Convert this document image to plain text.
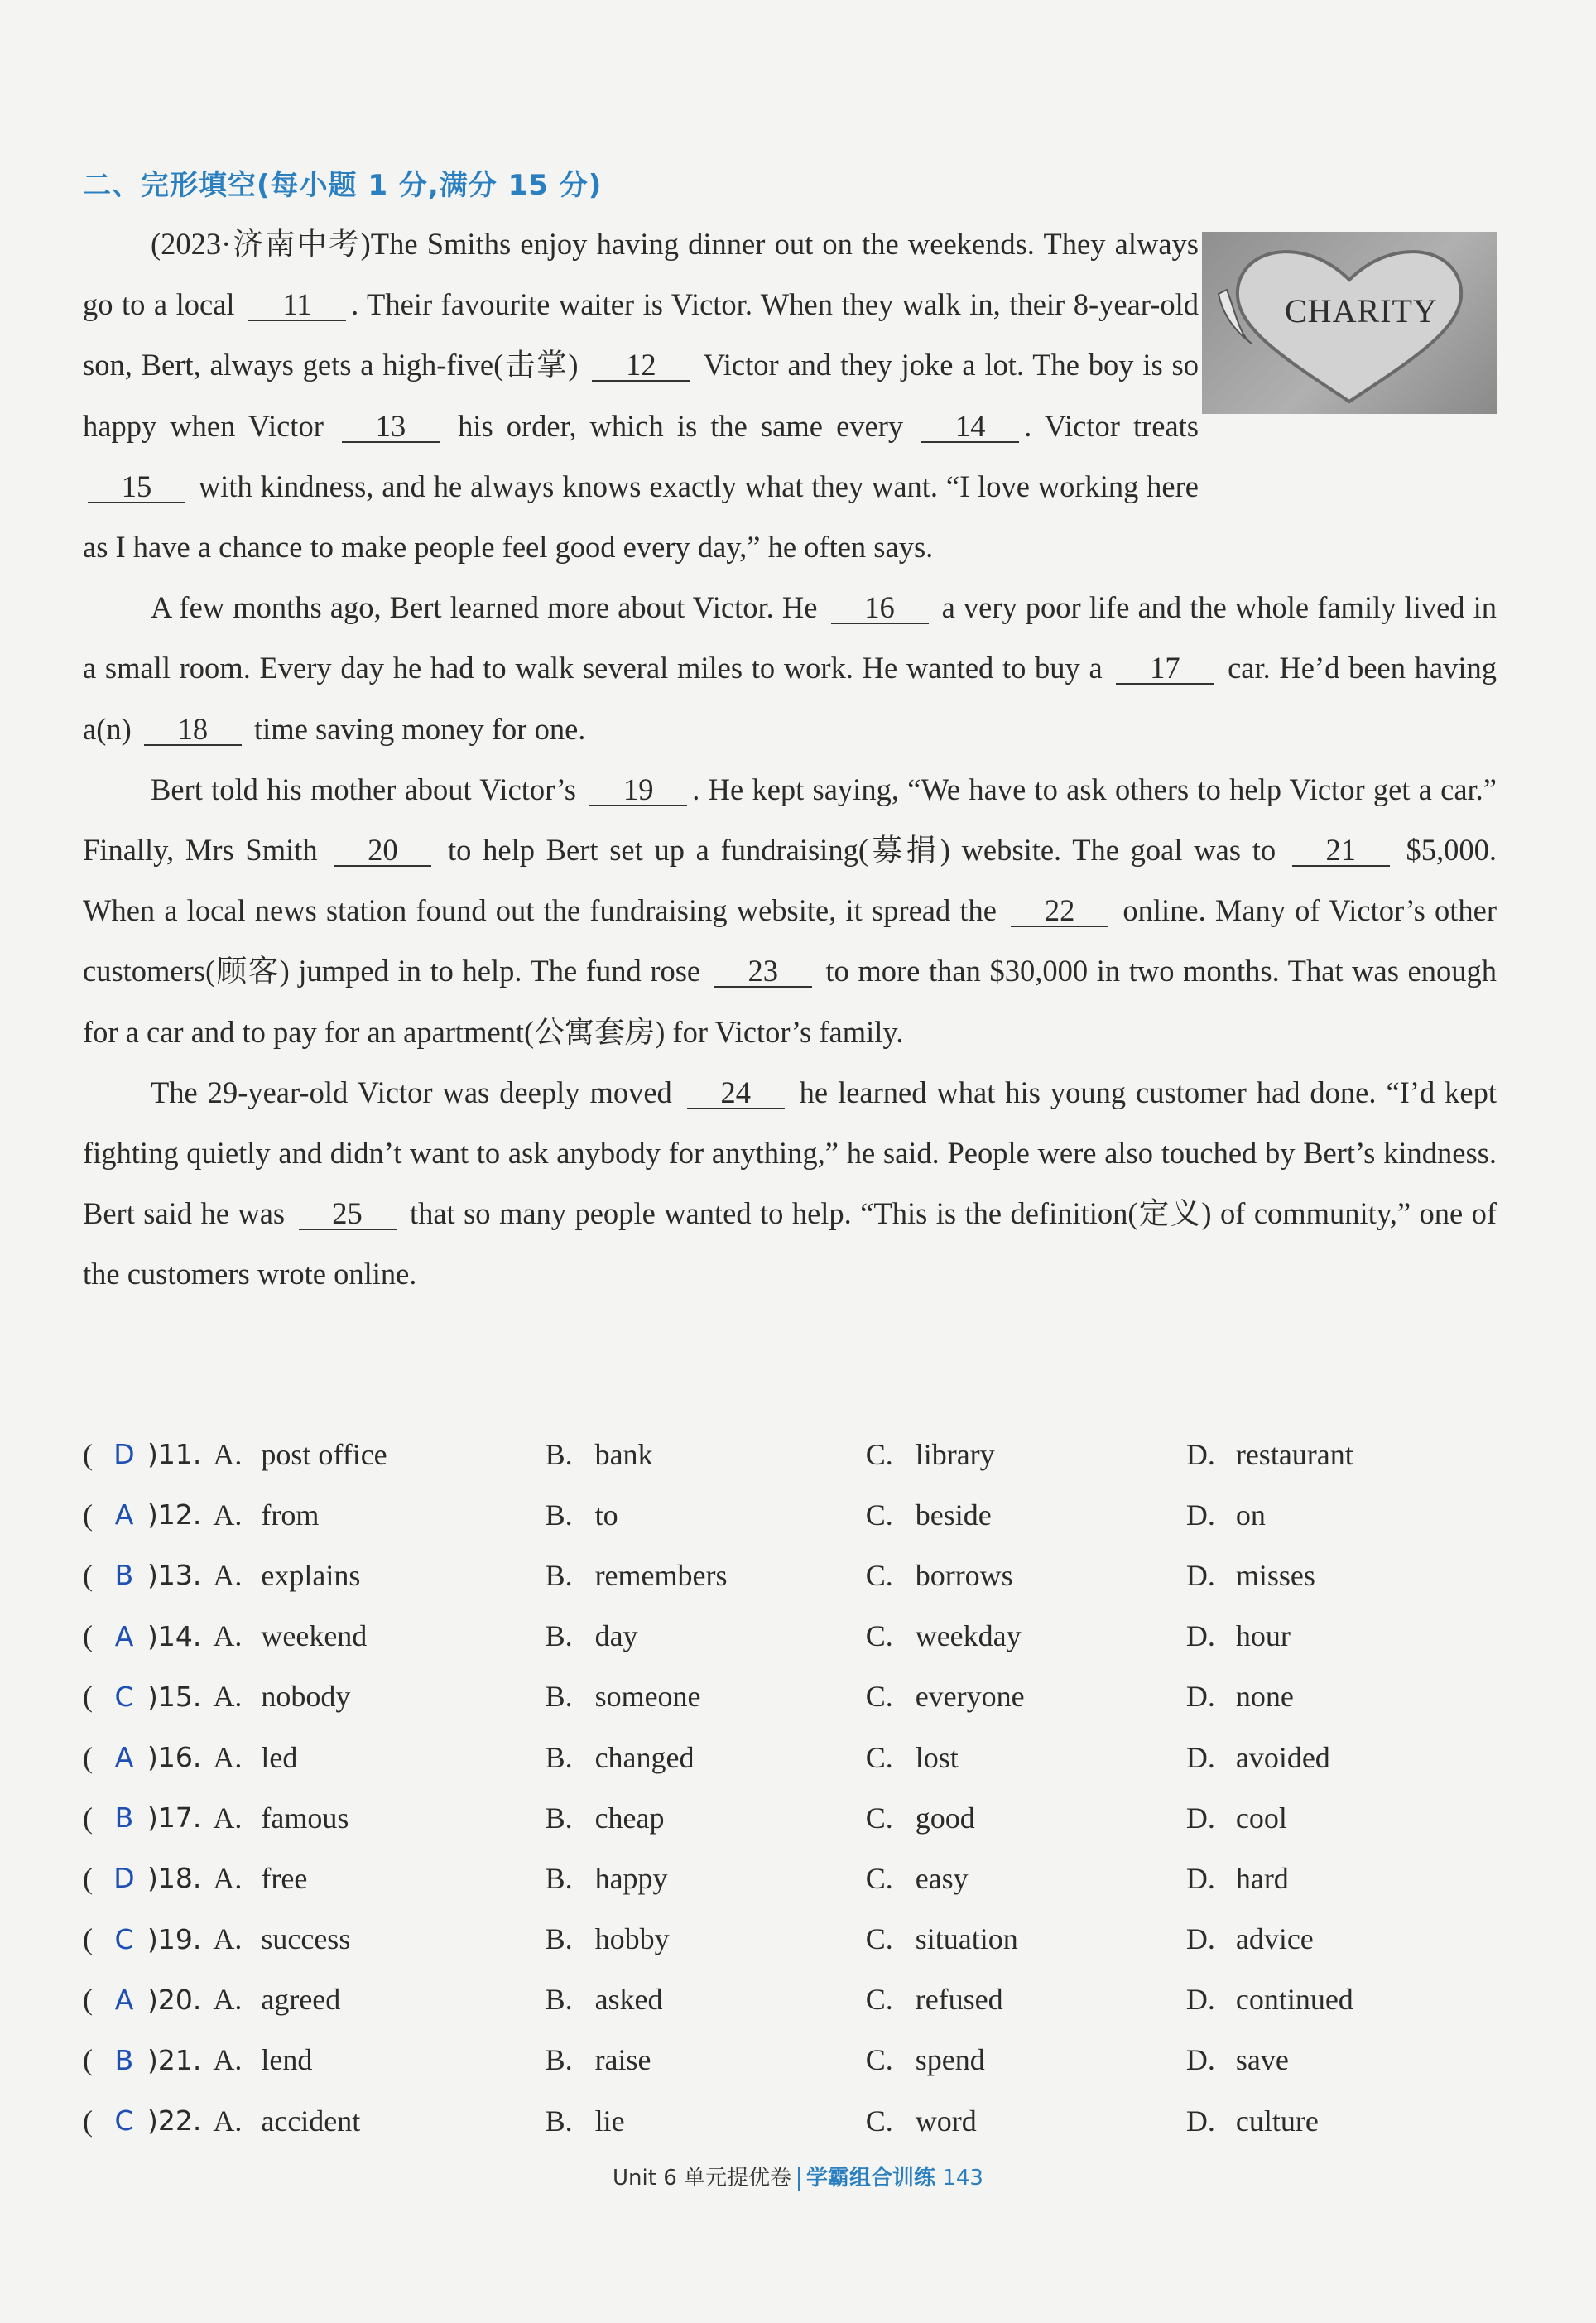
二、完形填空(每小题 1 分,满分 15 分)
CHARITY

(2023·济南中考)The Smiths enjoy having dinner out on the weekends. They always go to a local 11 . Their favourite waiter is Victor. When they walk in, their 8-year-old son, Bert, always gets a high-five(击掌) 12 Victor and they joke a lot. The boy is so happy when Victor 13 his order, which is the same every 14 . Victor treats 15 with kindness, and he always knows exactly what they want. “I love working here as I have a chance to make people feel good every day,” he often says.

A few months ago, Bert learned more about Victor. He 16 a very poor life and the whole family lived in a small room. Every day he had to walk several miles to work. He wanted to buy a 17 car. He’d been having a(n) 18 time saving money for one.

Bert told his mother about Victor’s 19 . He kept saying, “We have to ask others to help Victor get a car.” Finally, Mrs Smith 20 to help Bert set up a fundraising(募捐) website. The goal was to 21 $5,000. When a local news station found out the fundraising website, it spread the 22 online. Many of Victor’s other customers(顾客) jumped in to help. The fund rose 23 to more than $30,000 in two months. That was enough for a car and to pay for an apartment(公寓套房) for Victor’s family.

The 29-year-old Victor was deeply moved 24 he learned what his young customer had done. “I’d kept fighting quietly and didn’t want to ask anybody for anything,” he said. People were also touched by Bert’s kindness. Bert said he was 25 that so many people wanted to help. “This is the definition(定义) of community,” one of the customers wrote online.

( D )11. A. post office	B. bank	C. library	D. restaurant
( A )12. A. from	B. to	C. beside	D. on
( B )13. A. explains	B. remembers	C. borrows	D. misses
( A )14. A. weekend	B. day	C. weekday	D. hour
( C )15. A. nobody	B. someone	C. everyone	D. none
( A )16. A. led	B. changed	C. lost	D. avoided
( B )17. A. famous	B. cheap	C. good	D. cool
( D )18. A. free	B. happy	C. easy	D. hard
( C )19. A. success	B. hobby	C. situation	D. advice
( A )20. A. agreed	B. asked	C. refused	D. continued
( B )21. A. lend	B. raise	C. spend	D. save
( C )22. A. accident	B. lie	C. word	D. culture
Unit 6 单元提优卷 学霸组合训练 143
